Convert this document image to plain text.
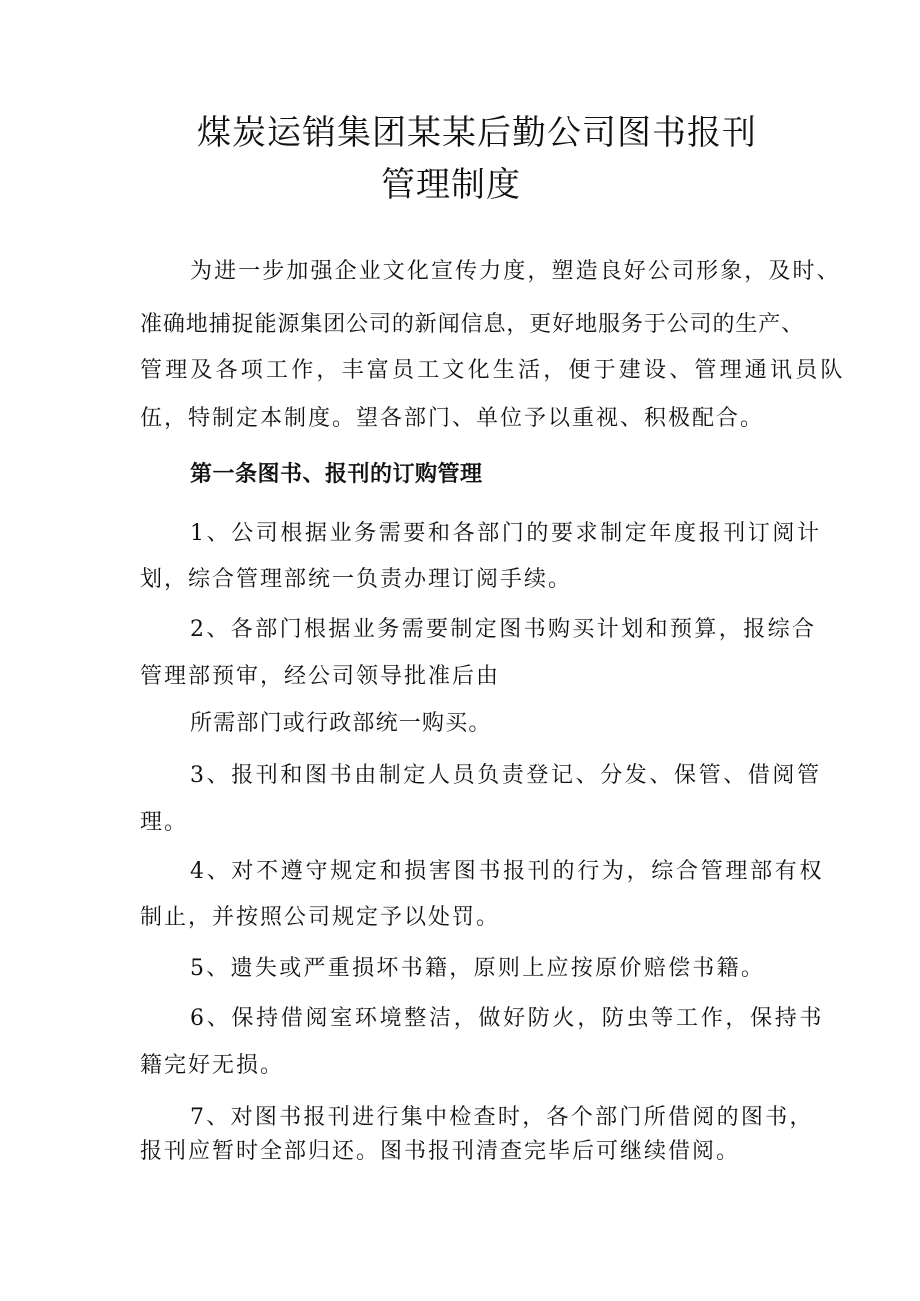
煤炭运销集团某某后勤公司图书报刊
管理制度

为进一步加强企业文化宣传力度，塑造良好公司形象，及时、

准确地捕捉能源集团公司的新闻信息，更好地服务于公司的生产、

管理及各项工作，丰富员工文化生活，便于建设、管理通讯员队

伍，特制定本制度。望各部门、单位予以重视、积极配合。

第一条图书、报刊的订购管理

1、公司根据业务需要和各部门的要求制定年度报刊订阅计

划，综合管理部统一负责办理订阅手续。

2、各部门根据业务需要制定图书购买计划和预算，报综合

管理部预审，经公司领导批准后由

所需部门或行政部统一购买。

3、报刊和图书由制定人员负责登记、分发、保管、借阅管

理。

4、对不遵守规定和损害图书报刊的行为，综合管理部有权

制止，并按照公司规定予以处罚。

5、遗失或严重损坏书籍，原则上应按原价赔偿书籍。

6、保持借阅室环境整洁，做好防火，防虫等工作，保持书

籍完好无损。

7、对图书报刊进行集中检查时，各个部门所借阅的图书，

报刊应暂时全部归还。图书报刊清查完毕后可继续借阅。
